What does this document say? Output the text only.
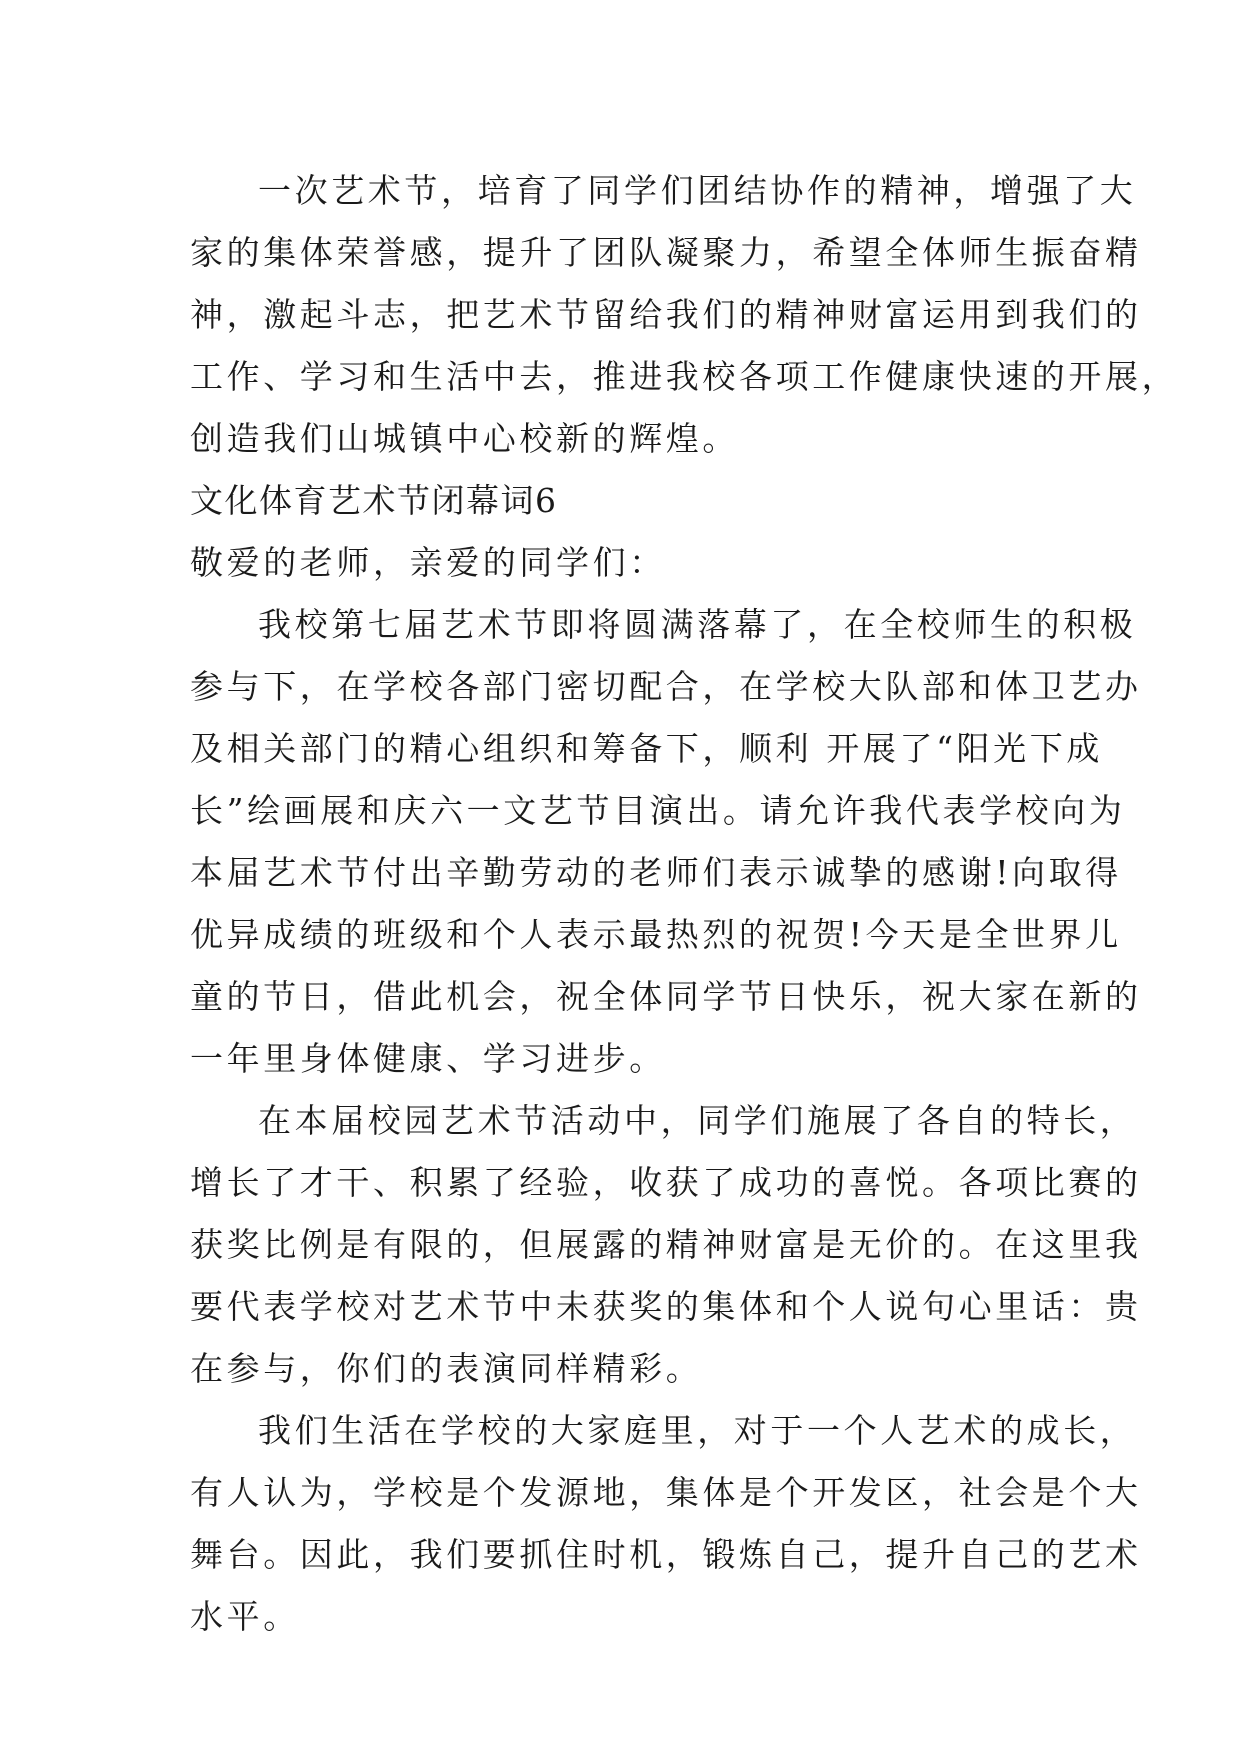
一次艺术节，培育了同学们团结协作的精神，增强了大
家的集体荣誉感，提升了团队凝聚力，希望全体师生振奋精
神，激起斗志，把艺术节留给我们的精神财富运用到我们的
工作、学习和生活中去，推进我校各项工作健康快速的开展，
创造我们山城镇中心校新的辉煌。
文化体育艺术节闭幕词6
敬爱的老师，亲爱的同学们：
我校第七届艺术节即将圆满落幕了，在全校师生的积极
参与下，在学校各部门密切配合，在学校大队部和体卫艺办
及相关部门的精心组织和筹备下，顺利 开展了“阳光下成
长”绘画展和庆六一文艺节目演出。请允许我代表学校向为
本届艺术节付出辛勤劳动的老师们表示诚挚的感谢!向取得
优异成绩的班级和个人表示最热烈的祝贺!今天是全世界儿
童的节日，借此机会，祝全体同学节日快乐，祝大家在新的
一年里身体健康、学习进步。
在本届校园艺术节活动中，同学们施展了各自的特长，
增长了才干、积累了经验，收获了成功的喜悦。各项比赛的
获奖比例是有限的，但展露的精神财富是无价的。在这里我
要代表学校对艺术节中未获奖的集体和个人说句心里话：贵
在参与，你们的表演同样精彩。
我们生活在学校的大家庭里，对于一个人艺术的成长，
有人认为，学校是个发源地，集体是个开发区，社会是个大
舞台。因此，我们要抓住时机，锻炼自己，提升自己的艺术
水平。
